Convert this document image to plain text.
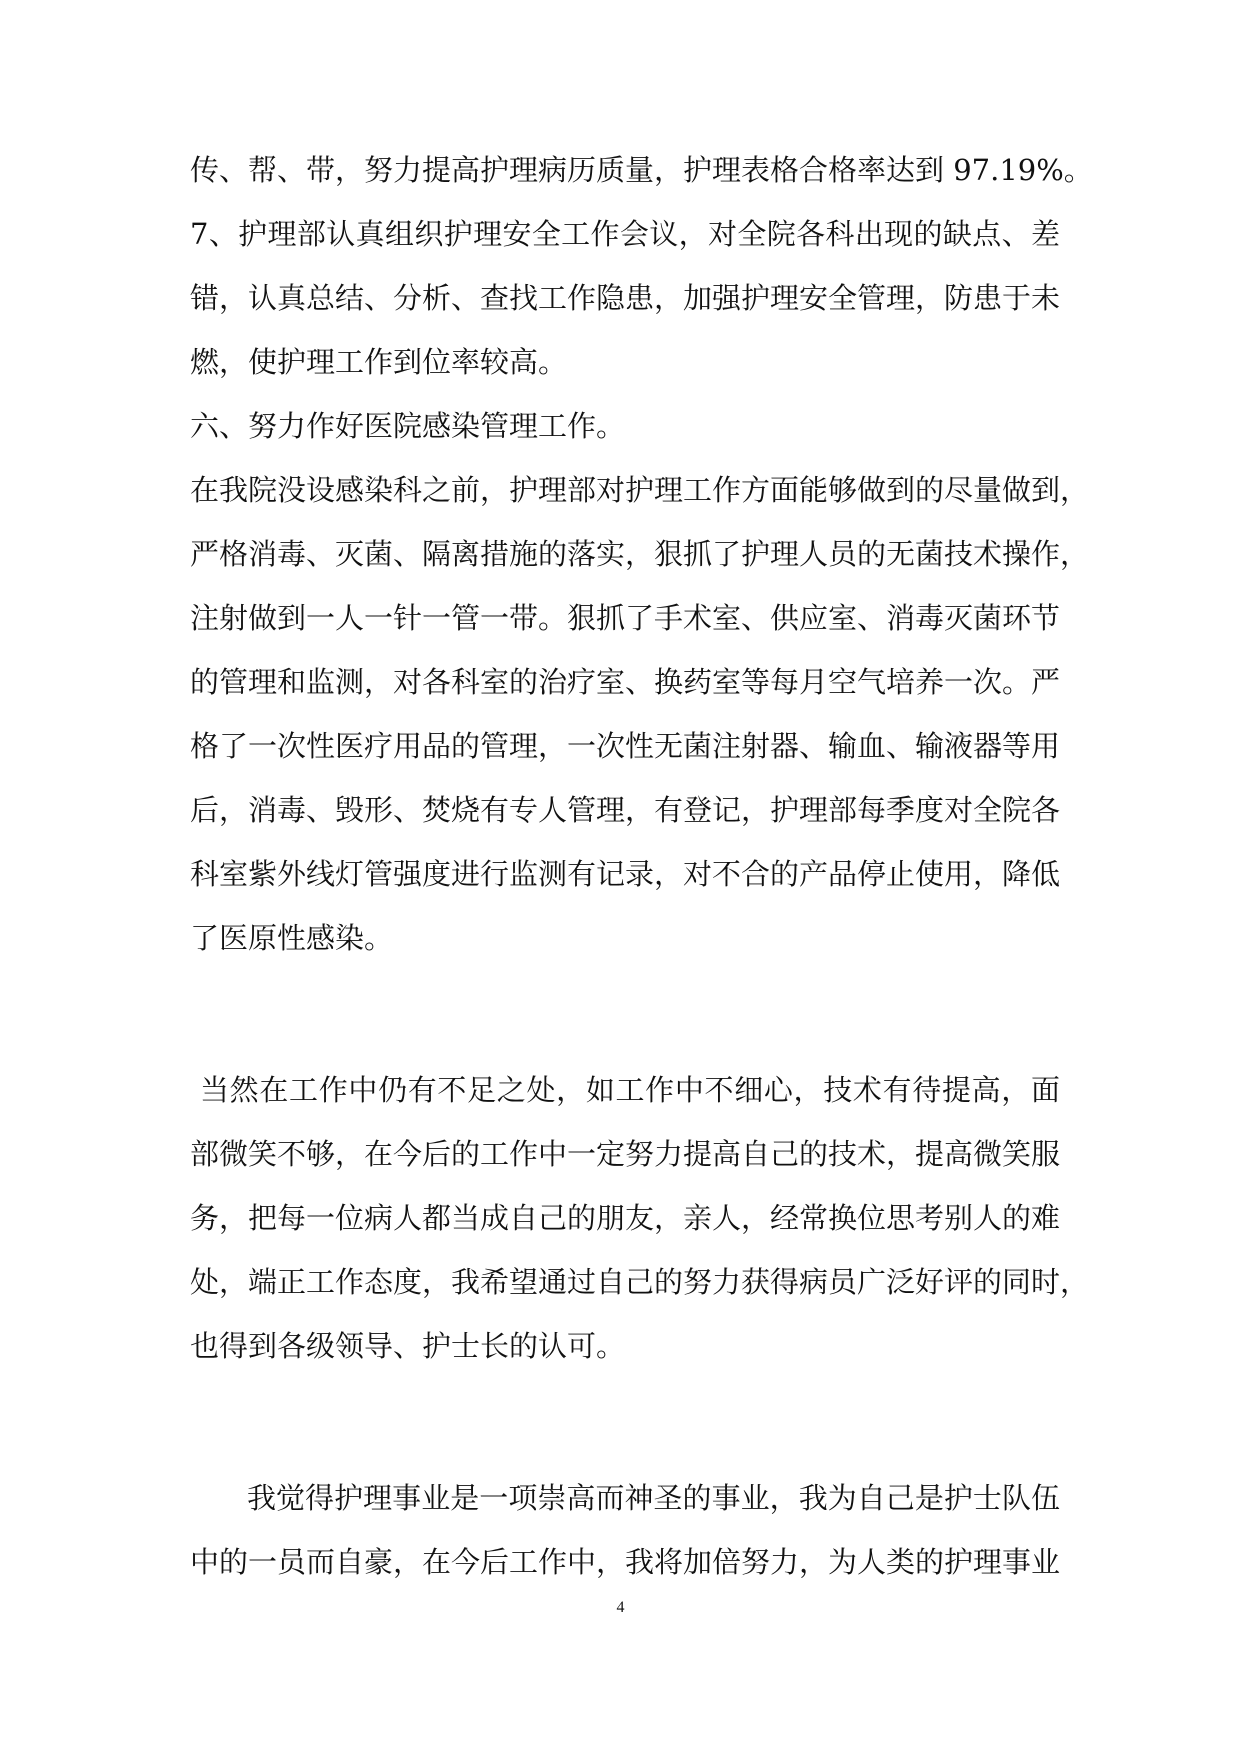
传、帮、带，努力提高护理病历质量，护理表格合格率达到 97.19%。
7、护理部认真组织护理安全工作会议，对全院各科出现的缺点、差
错，认真总结、分析、查找工作隐患，加强护理安全管理，防患于未
燃，使护理工作到位率较高。
六、努力作好医院感染管理工作。
在我院没设感染科之前，护理部对护理工作方面能够做到的尽量做到，
严格消毒、灭菌、隔离措施的落实，狠抓了护理人员的无菌技术操作，
注射做到一人一针一管一带。狠抓了手术室、供应室、消毒灭菌环节
的管理和监测，对各科室的治疗室、换药室等每月空气培养一次。严
格了一次性医疗用品的管理，一次性无菌注射器、输血、输液器等用
后，消毒、毁形、焚烧有专人管理，有登记，护理部每季度对全院各
科室紫外线灯管强度进行监测有记录，对不合的产品停止使用，降低
了医原性感染。
当然在工作中仍有不足之处，如工作中不细心，技术有待提高，面
部微笑不够，在今后的工作中一定努力提高自己的技术，提高微笑服
务，把每一位病人都当成自己的朋友，亲人，经常换位思考别人的难
处，端正工作态度，我希望通过自己的努力获得病员广泛好评的同时，
也得到各级领导、护士长的认可。
我觉得护理事业是一项崇高而神圣的事业，我为自己是护士队伍
中的一员而自豪，在今后工作中，我将加倍努力，为人类的护理事业
4
